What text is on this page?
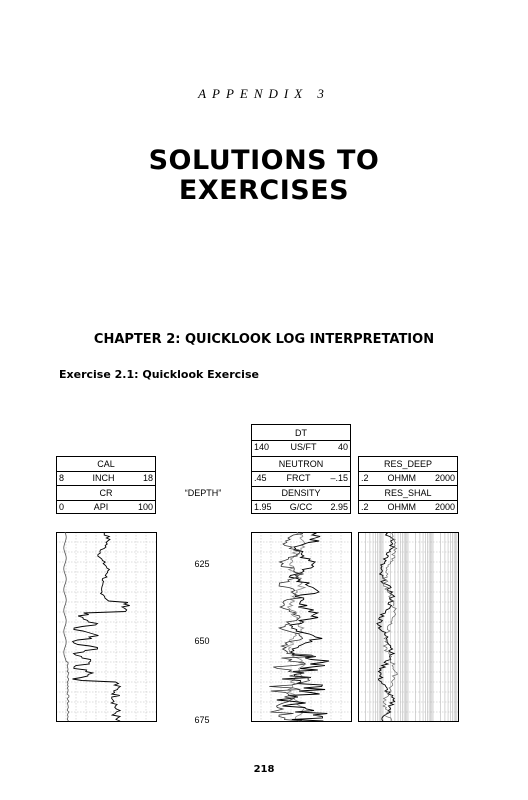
APPENDIX 3
SOLUTIONS TO
EXERCISES
CHAPTER 2: QUICKLOOK LOG INTERPRETATION
Exercise 2.1: Quicklook Exercise
CAL
8	INCH	18
CR
0	API	100
“DEPTH”
DT
140 US/FT 40
NEUTRON
.45 FRCT –.15
DENSITY
1.95 G/CC 2.95
RES_DEEP
.2 OHMM 2000
RES_SHAL
.2 OHMM 2000
625
650
675
218
